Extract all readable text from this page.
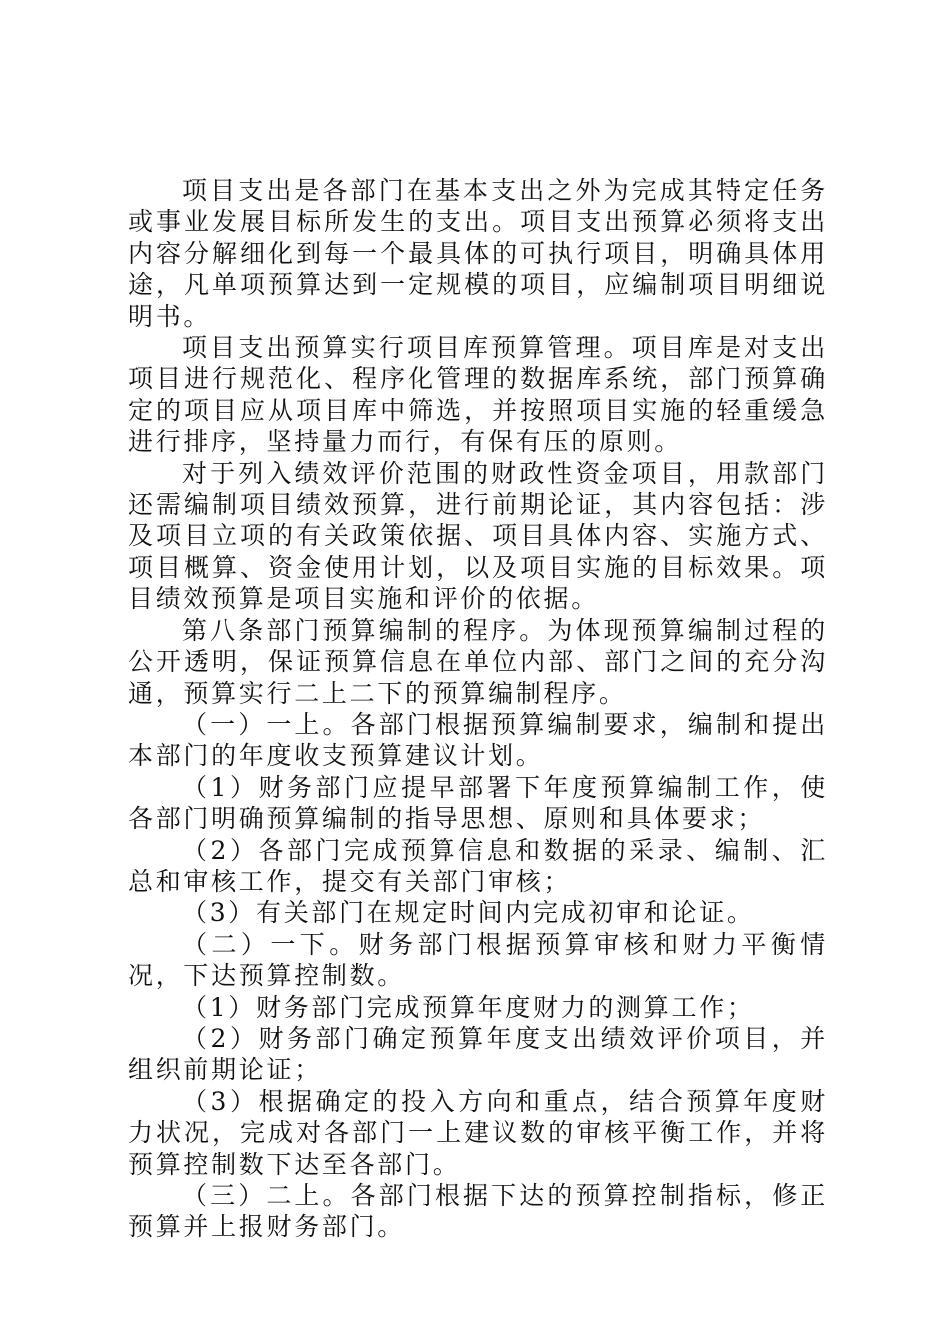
项目支出是各部门在基本支出之外为完成其特定任务或事业发展目标所发生的支出。项目支出预算必须将支出内容分解细化到每一个最具体的可执行项目，明确具体用途，凡单项预算达到一定规模的项目，应编制项目明细说明书。

项目支出预算实行项目库预算管理。项目库是对支出项目进行规范化、程序化管理的数据库系统，部门预算确定的项目应从项目库中筛选，并按照项目实施的轻重缓急进行排序，坚持量力而行，有保有压的原则。

对于列入绩效评价范围的财政性资金项目，用款部门还需编制项目绩效预算，进行前期论证，其内容包括：涉及项目立项的有关政策依据、项目具体内容、实施方式、项目概算、资金使用计划，以及项目实施的目标效果。项目绩效预算是项目实施和评价的依据。

第八条部门预算编制的程序。为体现预算编制过程的公开透明，保证预算信息在单位内部、部门之间的充分沟通，预算实行二上二下的预算编制程序。

（一）一上。各部门根据预算编制要求，编制和提出本部门的年度收支预算建议计划。

（1）财务部门应提早部署下年度预算编制工作，使各部门明确预算编制的指导思想、原则和具体要求；

（2）各部门完成预算信息和数据的采录、编制、汇总和审核工作，提交有关部门审核；

（3）有关部门在规定时间内完成初审和论证。

（二）一下。财务部门根据预算审核和财力平衡情况，下达预算控制数。

（1）财务部门完成预算年度财力的测算工作；

（2）财务部门确定预算年度支出绩效评价项目，并组织前期论证；

（3）根据确定的投入方向和重点，结合预算年度财力状况，完成对各部门一上建议数的审核平衡工作，并将预算控制数下达至各部门。

（三）二上。各部门根据下达的预算控制指标，修正预算并上报财务部门。
